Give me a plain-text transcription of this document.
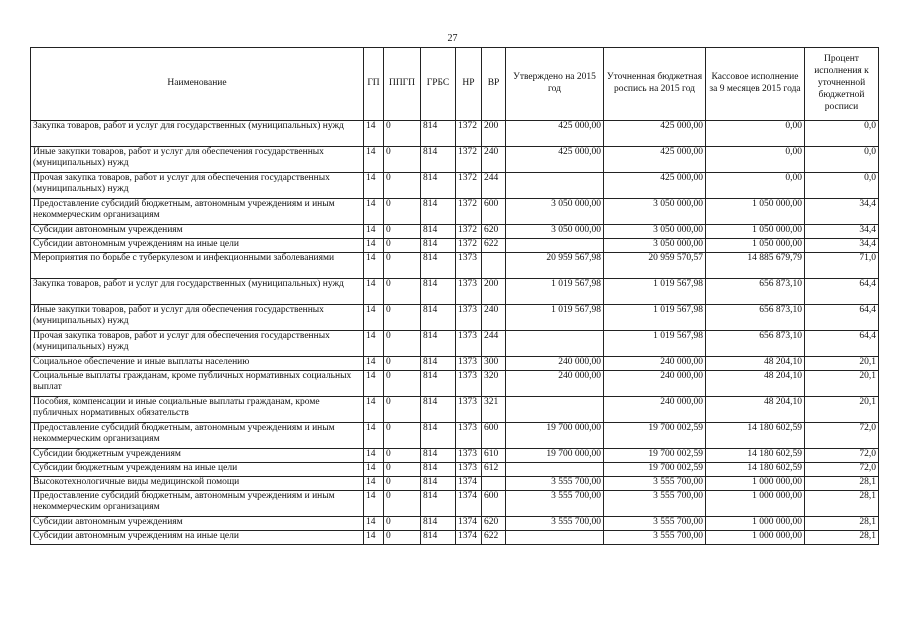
27
Наименование	ГП	ППГП	ГРБС	НР	ВР	Утверждено на 2015 год	Уточненная бюджетная роспись на 2015 год	Кассовое исполнение за 9 месяцев 2015 года	Процент исполнения к уточненной бюджетной росписи
Закупка товаров, работ и услуг для государственных (муниципальных) нужд	14	0	814	1372	200	425 000,00	425 000,00	0,00	0,0
Иные закупки товаров, работ и услуг для обеспечения государственных (муниципальных) нужд	14	0	814	1372	240	425 000,00	425 000,00	0,00	0,0
Прочая закупка товаров, работ и услуг для обеспечения государственных (муниципальных) нужд	14	0	814	1372	244		425 000,00	0,00	0,0
Предоставление субсидий бюджетным, автономным учреждениям и иным некоммерческим организациям	14	0	814	1372	600	3 050 000,00	3 050 000,00	1 050 000,00	34,4
Субсидии автономным учреждениям	14	0	814	1372	620	3 050 000,00	3 050 000,00	1 050 000,00	34,4
Субсидии автономным учреждениям на иные цели	14	0	814	1372	622		3 050 000,00	1 050 000,00	34,4
Мероприятия по борьбе с туберкулезом и инфекционными заболеваниями	14	0	814	1373		20 959 567,98	20 959 570,57	14 885 679,79	71,0
Закупка товаров, работ и услуг для государственных (муниципальных) нужд	14	0	814	1373	200	1 019 567,98	1 019 567,98	656 873,10	64,4
Иные закупки товаров, работ и услуг для обеспечения государственных (муниципальных) нужд	14	0	814	1373	240	1 019 567,98	1 019 567,98	656 873,10	64,4
Прочая закупка товаров, работ и услуг для обеспечения государственных (муниципальных) нужд	14	0	814	1373	244		1 019 567,98	656 873,10	64,4
Социальное обеспечение и иные выплаты населению	14	0	814	1373	300	240 000,00	240 000,00	48 204,10	20,1
Социальные выплаты гражданам, кроме публичных нормативных социальных выплат	14	0	814	1373	320	240 000,00	240 000,00	48 204,10	20,1
Пособия, компенсации и иные социальные выплаты гражданам, кроме публичных нормативных обязательств	14	0	814	1373	321		240 000,00	48 204,10	20,1
Предоставление субсидий бюджетным, автономным учреждениям и иным некоммерческим организациям	14	0	814	1373	600	19 700 000,00	19 700 002,59	14 180 602,59	72,0
Субсидии бюджетным учреждениям	14	0	814	1373	610	19 700 000,00	19 700 002,59	14 180 602,59	72,0
Субсидии бюджетным учреждениям на иные цели	14	0	814	1373	612		19 700 002,59	14 180 602,59	72,0
Высокотехнологичные виды медицинской помощи	14	0	814	1374		3 555 700,00	3 555 700,00	1 000 000,00	28,1
Предоставление субсидий бюджетным, автономным учреждениям и иным некоммерческим организациям	14	0	814	1374	600	3 555 700,00	3 555 700,00	1 000 000,00	28,1
Субсидии автономным учреждениям	14	0	814	1374	620	3 555 700,00	3 555 700,00	1 000 000,00	28,1
Субсидии автономным учреждениям на иные цели	14	0	814	1374	622		3 555 700,00	1 000 000,00	28,1
